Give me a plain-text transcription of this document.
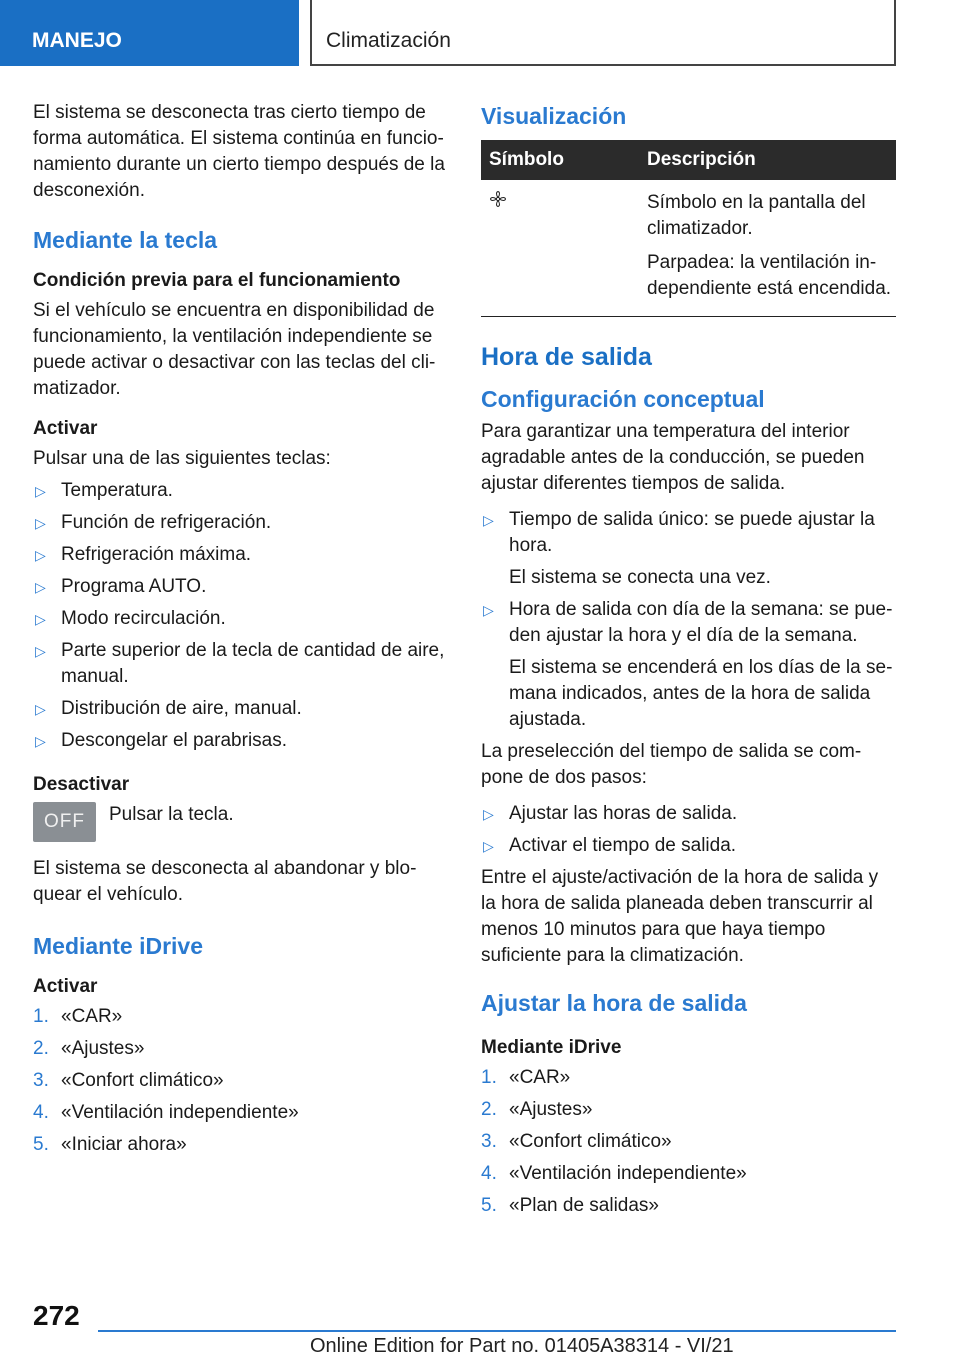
MANEJO	Climatización

El sistema se desconecta tras cierto tiempo de forma automática. El sistema continúa en funcionamiento durante un cierto tiempo después de la desconexión.

Mediante la tecla
Condición previa para el funcionamiento

Si el vehículo se encuentra en disponibilidad de funcionamiento, la ventilación independiente se puede activar o desactivar con las teclas del climatizador.

Activar

Pulsar una de las siguientes teclas:

▷ Temperatura.
▷ Función de refrigeración.
▷ Refrigeración máxima.
▷ Programa AUTO.
▷ Modo recirculación.
▷ Parte superior de la tecla de cantidad de aire, manual.
▷ Distribución de aire, manual.
▷ Descongelar el parabrisas.
Desactivar
OFF	Pulsar la tecla.

El sistema se desconecta al abandonar y bloquear el vehículo.

Mediante iDrive
Activar
1. «CAR»
2. «Ajustes»
3. «Confort climático»
4. «Ventilación independiente»
5. «Iniciar ahora»
Visualización
Símbolo	Descripción

Símbolo en la pantalla del climatizador.

Parpadea: la ventilación independiente está encendida.

Hora de salida
Configuración conceptual

Para garantizar una temperatura del interior agradable antes de la conducción, se pueden ajustar diferentes tiempos de salida.

▷ Tiempo de salida único: se puede ajustar la hora.
El sistema se conecta una vez.
▷ Hora de salida con día de la semana: se pueden ajustar la hora y el día de la semana.
El sistema se encenderá en los días de la semana indicados, antes de la hora de salida ajustada.

La preselección del tiempo de salida se compone de dos pasos:

▷ Ajustar las horas de salida.
▷ Activar el tiempo de salida.

Entre el ajuste/activación de la hora de salida y la hora de salida planeada deben transcurrir al menos 10 minutos para que haya tiempo suficiente para la climatización.

Ajustar la hora de salida
Mediante iDrive
1. «CAR»
2. «Ajustes»
3. «Confort climático»
4. «Ventilación independiente»
5. «Plan de salidas»
272
Online Edition for Part no. 01405A38314 - VI/21
